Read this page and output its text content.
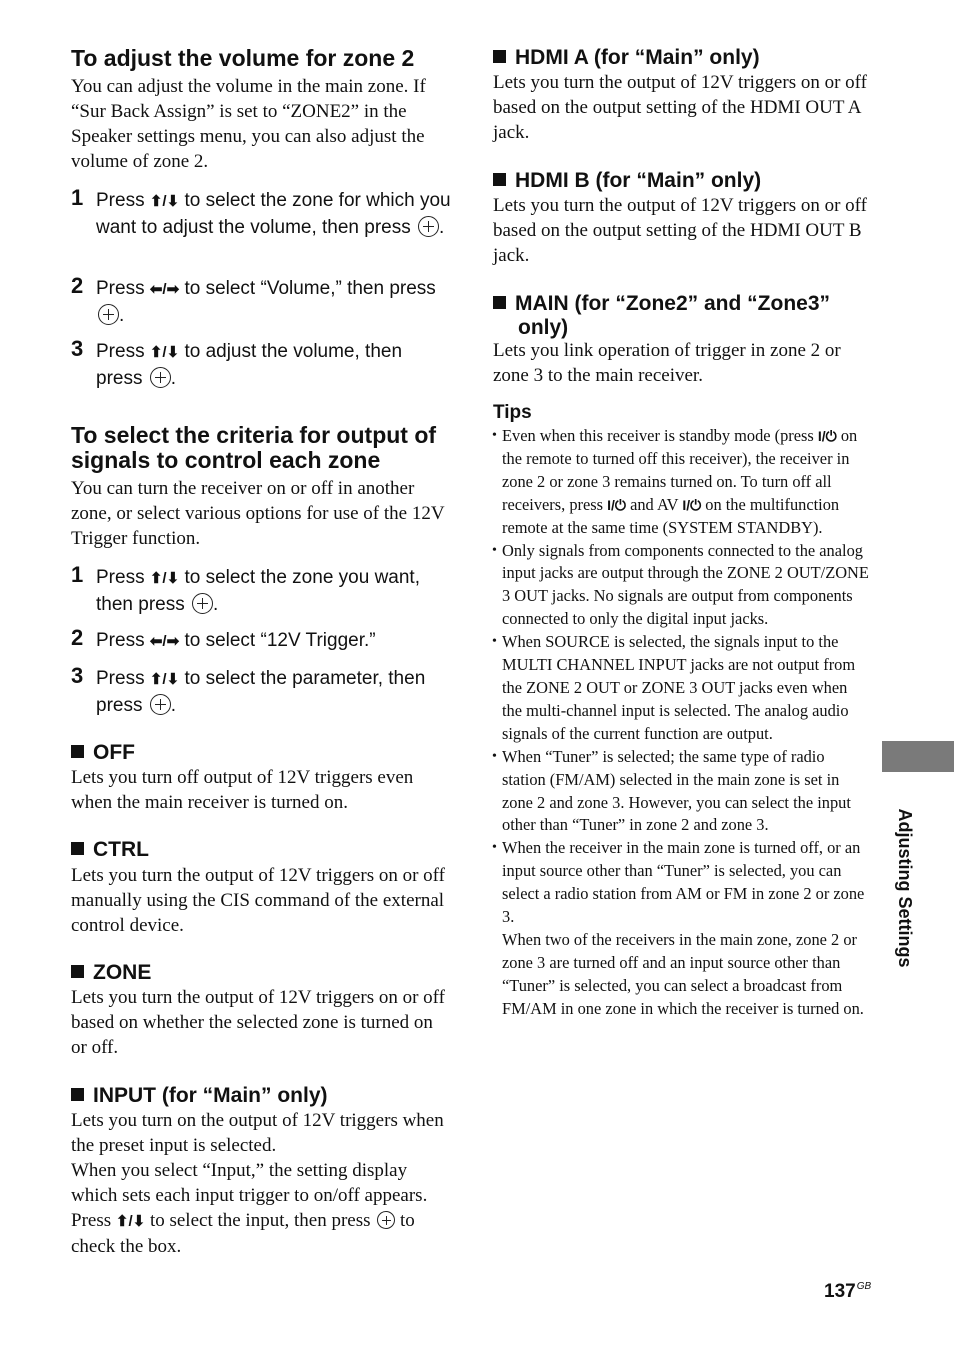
To adjust the volume for zone 2

You can adjust the volume in the main zone. If “Sur Back Assign” is set to “ZONE2” in the Speaker settings menu, you can also adjust the volume of zone 2.

1 Press ⬆/⬇ to select the zone for which you want to adjust the volume, then press .
2 Press ⬅/➡ to select “Volume,” then press .
3 Press ⬆/⬇ to adjust the volume, then press .
To select the criteria for output of signals to control each zone

You can turn the receiver on or off in another zone, or select various options for use of the 12V Trigger function.

1 Press ⬆/⬇ to select the zone you want, then press .
2 Press ⬅/➡ to select “12V Trigger.”
3 Press ⬆/⬇ to select the parameter, then press .
OFF

Lets you turn off output of 12V triggers even when the main receiver is turned on.

CTRL

Lets you turn the output of 12V triggers on or off manually using the CIS command of the external control device.

ZONE

Lets you turn the output of 12V triggers on or off based on whether the selected zone is turned on or off.

INPUT (for “Main” only)
Lets you turn on the output of 12V triggers when the preset input is selected.
When you select “Input,” the setting display which sets each input trigger to on/off appears.
Press ⬆/⬇ to select the input, then press  to check the box.
HDMI A (for “Main” only)

Lets you turn the output of 12V triggers on or off based on the output setting of the HDMI OUT A jack.

HDMI B (for “Main” only)

Lets you turn the output of 12V triggers on or off based on the output setting of the HDMI OUT B jack.

MAIN (for “Zone2” and “Zone3”
only)

Lets you link operation of trigger in zone 2 or zone 3 to the main receiver.

Tips
• Even when this receiver is standby mode (press I/⏻ on the remote to turned off this receiver), the receiver in zone 2 or zone 3 remains turned on. To turn off all receivers, press I/⏻ and AV I/⏻ on the multifunction remote at the same time (SYSTEM STANDBY).
• Only signals from components connected to the analog input jacks are output through the ZONE 2 OUT/ZONE 3 OUT jacks. No signals are output from components connected to only the digital input jacks.
• When SOURCE is selected, the signals input to the MULTI CHANNEL INPUT jacks are not output from the ZONE 2 OUT or ZONE 3 OUT jacks even when the multi-channel input is selected. The analog audio signals of the current function are output.
• When “Tuner” is selected; the same type of radio station (FM/AM) selected in the main zone is set in zone 2 and zone 3. However, you can select the input other than “Tuner” in zone 2 and zone 3.
• When the receiver in the main zone is turned off, or an input source other than “Tuner” is selected, you can select a radio station from AM or FM in zone 2 or zone 3.
When two of the receivers in the main zone, zone 2 or zone 3 are turned off and an input source other than “Tuner” is selected, you can select a broadcast from FM/AM in one zone in which the receiver is turned on.
Adjusting Settings
$137^{GB}$
